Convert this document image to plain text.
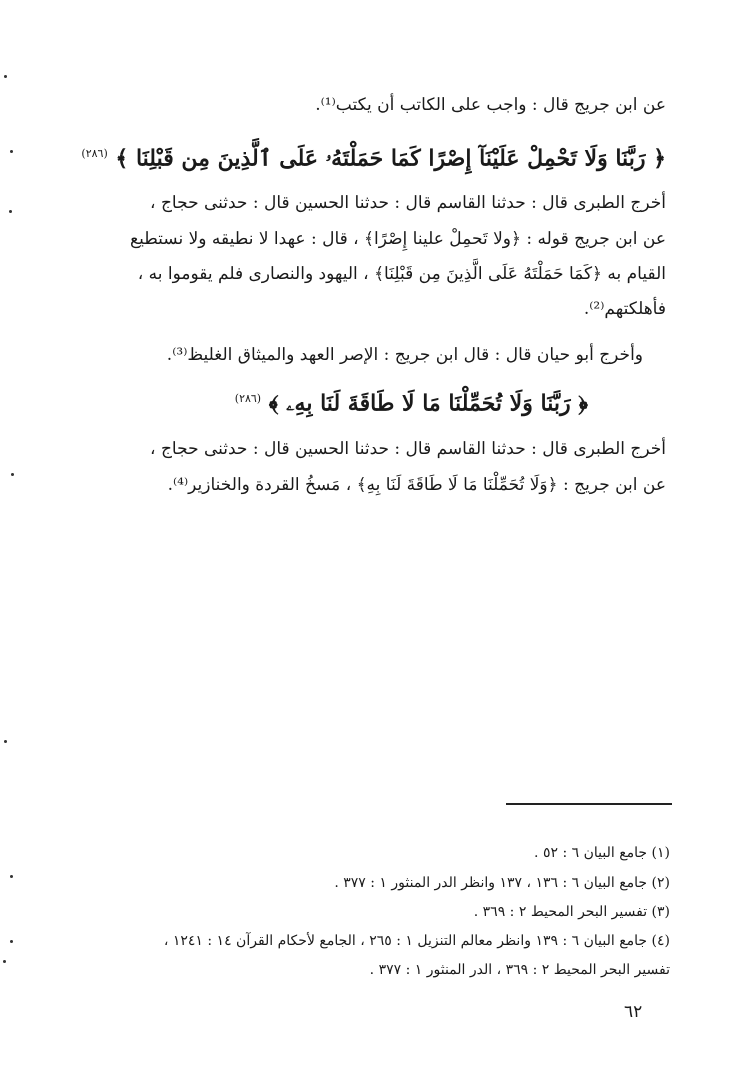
عن ابن جريج قال : واجب على الكاتب أن يكتب⁽¹⁾.
﴿ رَبَّنَا وَلَا تَحْمِلْ عَلَيْنَآ إِصْرًا كَمَا حَمَلْتَهُۥ عَلَى ٱلَّذِينَ مِن قَبْلِنَا ﴾ $^{(٢٨٦)}$
أخرج الطبرى قال : حدثنا القاسم قال : حدثنا الحسين قال : حدثنى حجاج ،
عن ابن جريج قوله : ﴿ولا تَحمِلْ علينا إِصْرًا﴾ ، قال : عهدا لا نطيقه ولا نستطيع
القيام به ﴿كَمَا حَمَلْتَهُ عَلَى الَّذِينَ مِن قَبْلِنَا﴾ ، اليهود والنصارى فلم يقوموا به ،
فأهلكتهم⁽²⁾.
وأخرج أبو حيان قال : قال ابن جريج : الإصر العهد والميثاق الغليظ⁽³⁾.
﴿ رَبَّنَا وَلَا تُحَمِّلْنَا مَا لَا طَاقَةَ لَنَا بِهِۦ ﴾ $^{(٢٨٦)}$
أخرج الطبرى قال : حدثنا القاسم قال : حدثنا الحسين قال : حدثنى حجاج ،
عن ابن جريج : ﴿وَلَا تُحَمِّلْنَا مَا لَا طَاقَةَ لَنَا بِهِ﴾ ، مَسخُ القردة والخنازير⁽⁴⁾.
(١) جامع البيان ٦ : ٥٢ .
(٢) جامع البيان ٦ : ١٣٦ ، ١٣٧ وانظر الدر المنثور ١ : ٣٧٧ .
(٣) تفسير البحر المحيط ٢ : ٣٦٩ .
(٤) جامع البيان ٦ : ١٣٩ وانظر معالم التنزيل ١ : ٢٦٥ ، الجامع لأحكام القرآن ١٤ : ١٢٤١ ،
تفسير البحر المحيط ٢ : ٣٦٩ ، الدر المنثور ١ : ٣٧٧ .
٦٢
